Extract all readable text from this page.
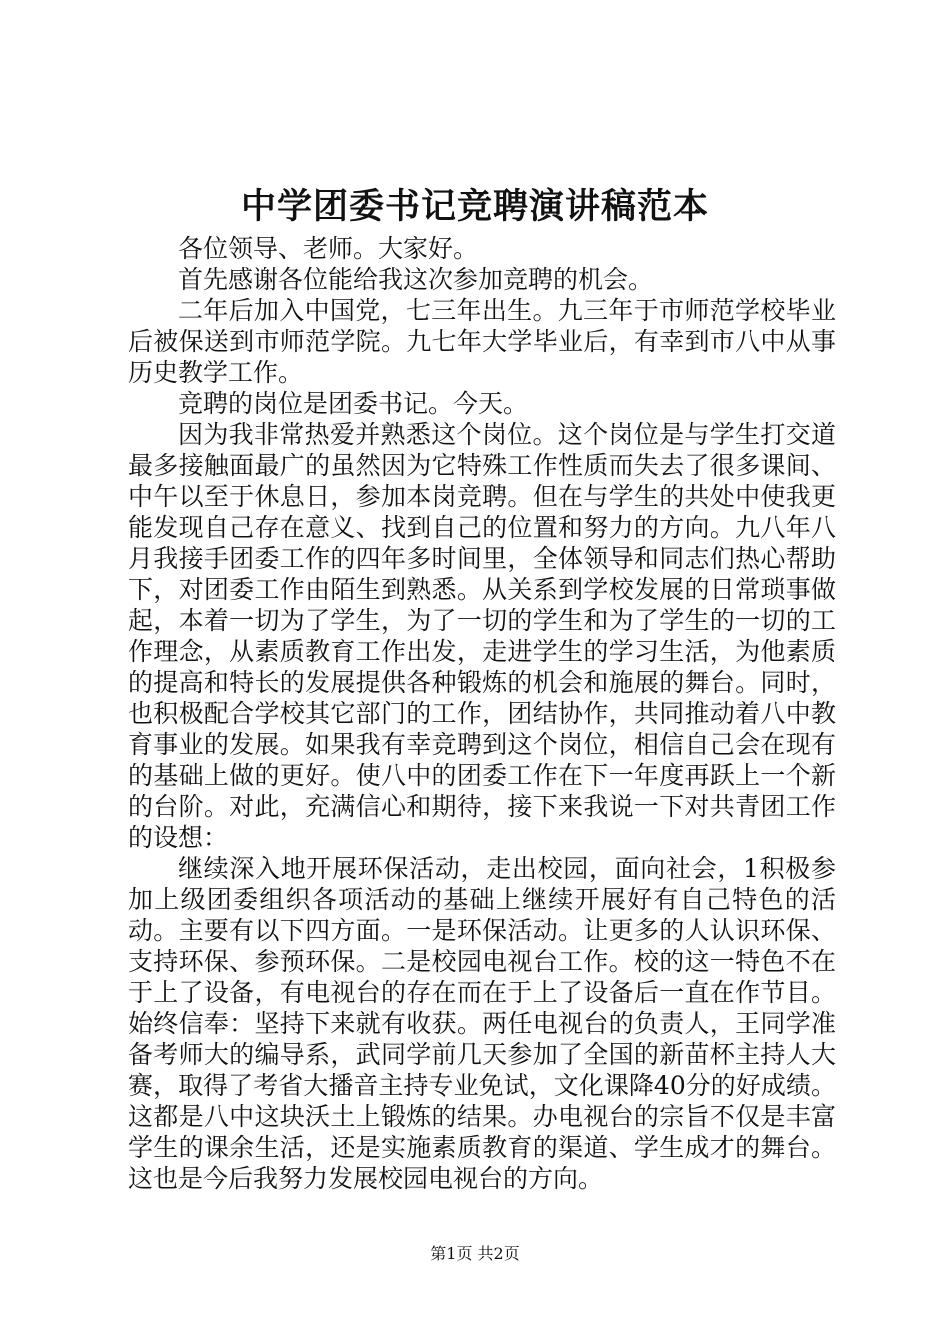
中学团委书记竞聘演讲稿范本

各位领导、老师。大家好。

首先感谢各位能给我这次参加竞聘的机会。

二年后加入中国党，七三年出生。九三年于市师范学校毕业后被保送到市师范学院。九七年大学毕业后，有幸到市八中从事历史教学工作。

竞聘的岗位是团委书记。今天。

因为我非常热爱并熟悉这个岗位。这个岗位是与学生打交道最多接触面最广的虽然因为它特殊工作性质而失去了很多课间、中午以至于休息日，参加本岗竞聘。但在与学生的共处中使我更能发现自己存在意义、找到自己的位置和努力的方向。九八年八月我接手团委工作的四年多时间里，全体领导和同志们热心帮助下，对团委工作由陌生到熟悉。从关系到学校发展的日常琐事做起，本着一切为了学生，为了一切的学生和为了学生的一切的工作理念，从素质教育工作出发，走进学生的学习生活，为他素质的提高和特长的发展提供各种锻炼的机会和施展的舞台。同时，也积极配合学校其它部门的工作，团结协作，共同推动着八中教育事业的发展。如果我有幸竞聘到这个岗位，相信自己会在现有的基础上做的更好。使八中的团委工作在下一年度再跃上一个新的台阶。对此，充满信心和期待，接下来我说一下对共青团工作的设想：

继续深入地开展环保活动，走出校园，面向社会，1积极参加上级团委组织各项活动的基础上继续开展好有自己特色的活动。主要有以下四方面。一是环保活动。让更多的人认识环保、支持环保、参预环保。二是校园电视台工作。校的这一特色不在于上了设备，有电视台的存在而在于上了设备后一直在作节目。始终信奉：坚持下来就有收获。两任电视台的负责人，王同学准备考师大的编导系，武同学前几天参加了全国的新苗杯主持人大赛，取得了考省大播音主持专业免试，文化课降40分的好成绩。这都是八中这块沃土上锻炼的结果。办电视台的宗旨不仅是丰富学生的课余生活，还是实施素质教育的渠道、学生成才的舞台。这也是今后我努力发展校园电视台的方向。

第1页 共2页
